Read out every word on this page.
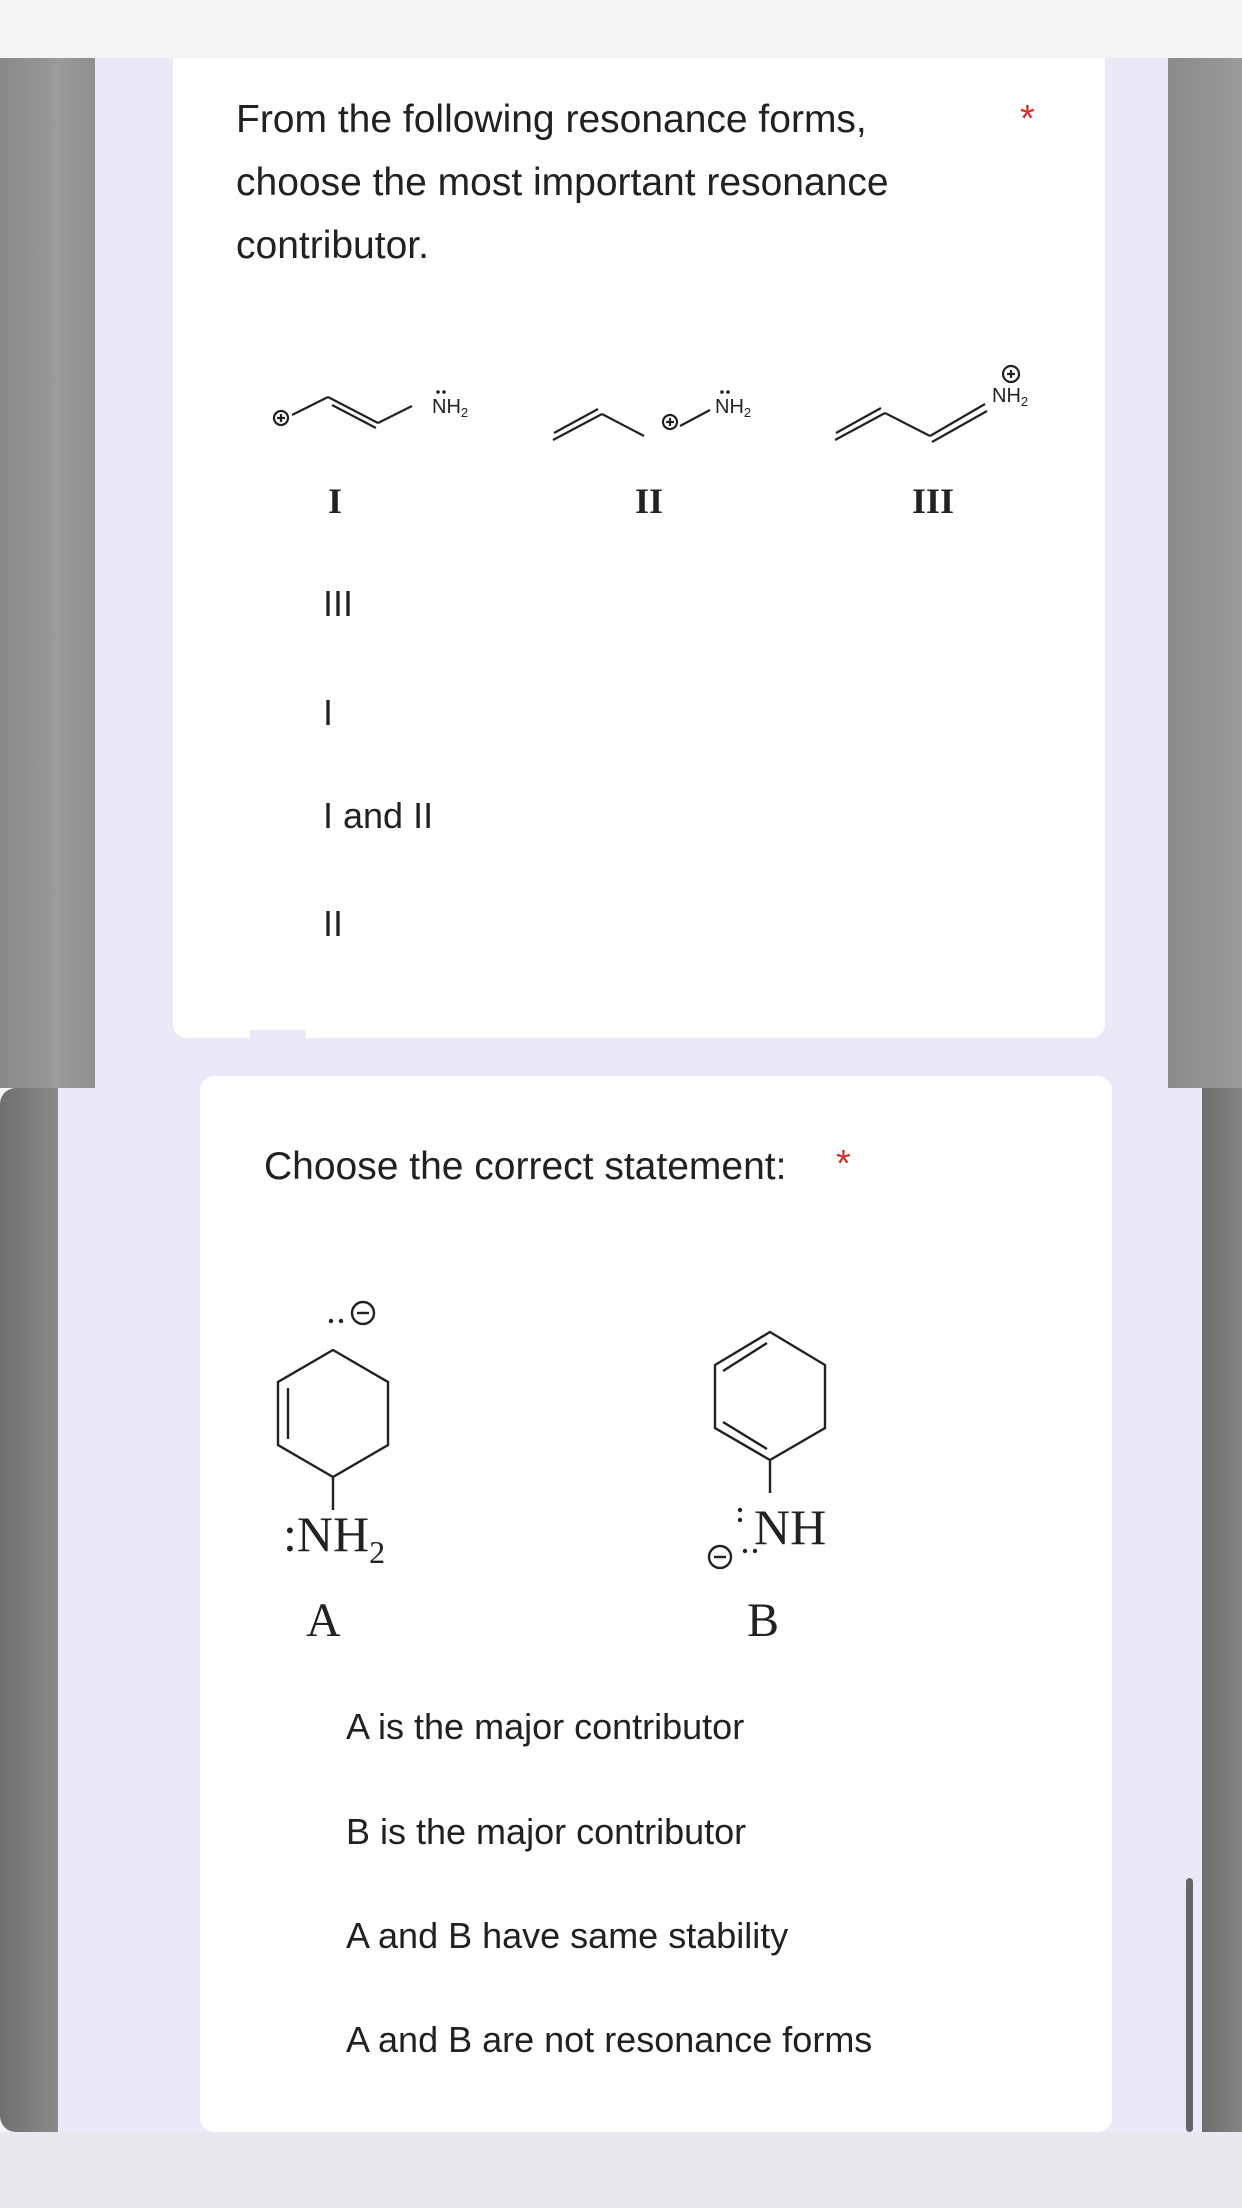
From the following resonance forms,
choose the most important resonance
contributor.
*
$NH_2$	$NH_2$
$NH_2$
I	II	III
III
I
I and II
II
Choose the correct statement: *
$:NH_2$
A
NH
B
A is the major contributor
B is the major contributor
A and B have same stability
A and B are not resonance forms
